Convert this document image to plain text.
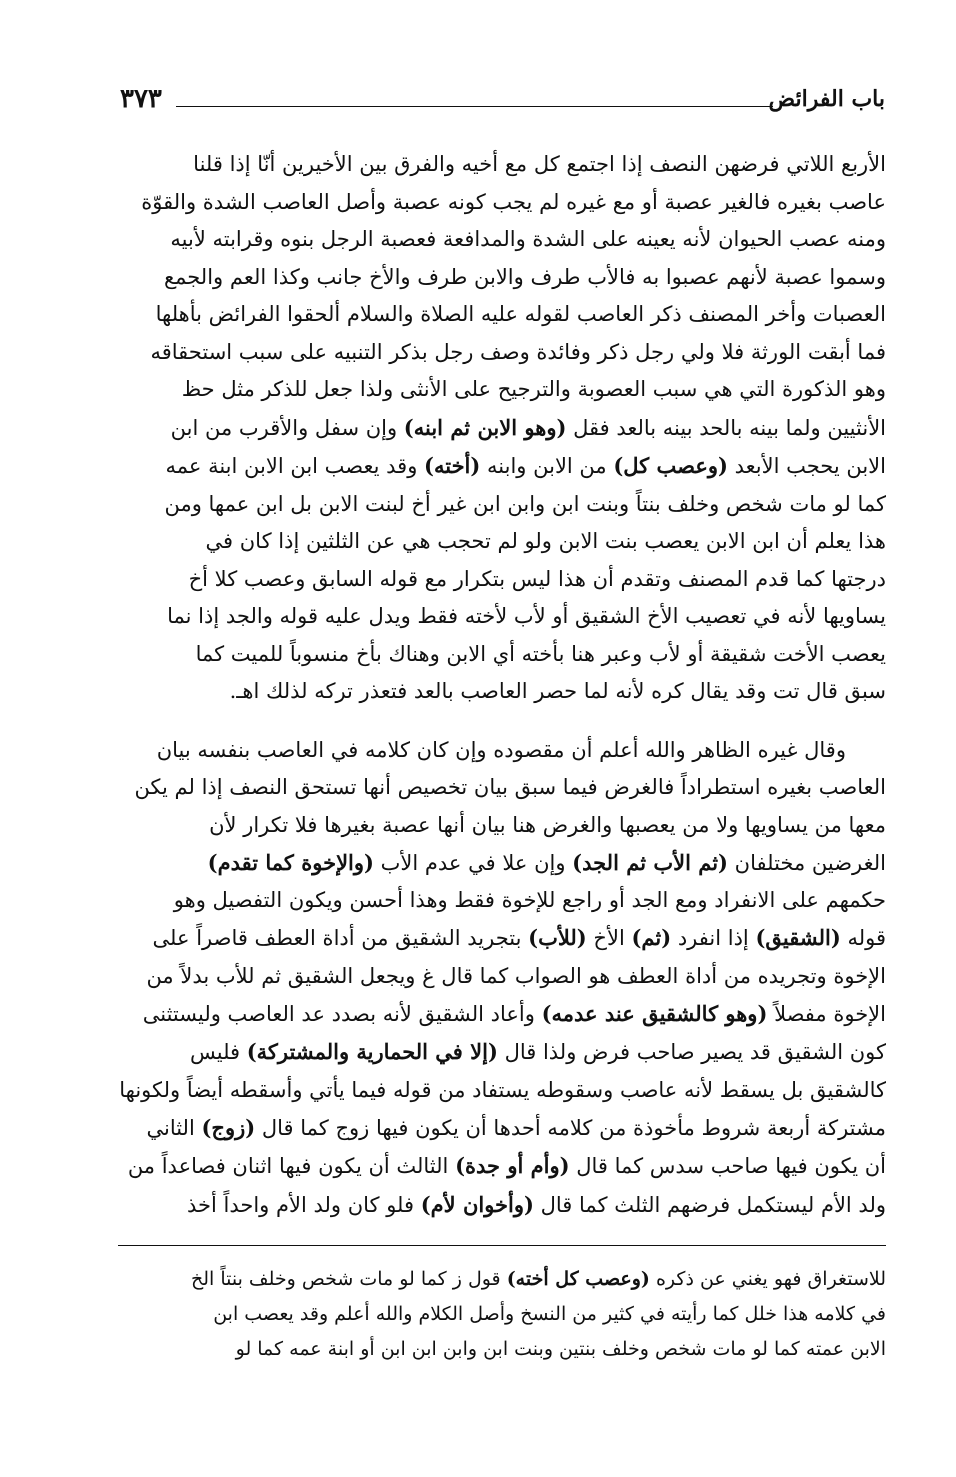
باب الفرائض
٣٧٣
الأربع اللاتي فرضهن النصف إذا اجتمع كل مع أخيه والفرق بين الأخيرين أنّا إذا قلنا
عاصب بغيره فالغير عصبة أو مع غيره لم يجب كونه عصبة وأصل العاصب الشدة والقوّة
ومنه عصب الحيوان لأنه يعينه على الشدة والمدافعة فعصبة الرجل بنوه وقرابته لأبيه
وسموا عصبة لأنهم عصبوا به فالأب طرف والابن طرف والأخ جانب وكذا العم والجمع
العصبات وأخر المصنف ذكر العاصب لقوله عليه الصلاة والسلام ألحقوا الفرائض بأهلها
فما أبقت الورثة فلا ولي رجل ذكر وفائدة وصف رجل بذكر التنبيه على سبب استحقاقه
وهو الذكورة التي هي سبب العصوبة والترجيح على الأنثى ولذا جعل للذكر مثل حظ
الأنثيين ولما بينه بالحد بينه بالعد فقل (وهو الابن ثم ابنه) وإن سفل والأقرب من ابن
الابن يحجب الأبعد (وعصب كل) من الابن وابنه (أخته) وقد يعصب ابن الابن ابنة عمه
كما لو مات شخص وخلف بنتاً وبنت ابن وابن ابن غير أخ لبنت الابن بل ابن عمها ومن
هذا يعلم أن ابن الابن يعصب بنت الابن ولو لم تحجب هي عن الثلثين إذا كان في
درجتها كما قدم المصنف وتقدم أن هذا ليس بتكرار مع قوله السابق وعصب كلا أخ
يساويها لأنه في تعصيب الأخ الشقيق أو لأب لأخته فقط ويدل عليه قوله والجد إذا نما
يعصب الأخت شقيقة أو لأب وعبر هنا بأخته أي الابن وهناك بأخ منسوباً للميت كما
سبق قال تت وقد يقال كره لأنه لما حصر العاصب بالعد فتعذر تركه لذلك اهـ.
وقال غيره الظاهر والله أعلم أن مقصوده وإن كان كلامه في العاصب بنفسه بيان
العاصب بغيره استطراداً فالغرض فيما سبق بيان تخصيص أنها تستحق النصف إذا لم يكن
معها من يساويها ولا من يعصبها والغرض هنا بيان أنها عصبة بغيرها فلا تكرار لأن
الغرضين مختلفان (ثم الأب ثم الجد) وإن علا في عدم الأب (والإخوة كما تقدم)
حكمهم على الانفراد ومع الجد أو راجع للإخوة فقط وهذا أحسن ويكون التفصيل وهو
قوله (الشقيق) إذا انفرد (ثم) الأخ (للأب) بتجريد الشقيق من أداة العطف قاصراً على
الإخوة وتجريده من أداة العطف هو الصواب كما قال غ ويجعل الشقيق ثم للأب بدلاً من
الإخوة مفصلاً (وهو كالشقيق عند عدمه) وأعاد الشقيق لأنه بصدد عد العاصب وليستثنى
كون الشقيق قد يصير صاحب فرض ولذا قال (إلا في الحمارية والمشتركة) فليس
كالشقيق بل يسقط لأنه عاصب وسقوطه يستفاد من قوله فيما يأتي وأسقطه أيضاً ولكونها
مشتركة أربعة شروط مأخوذة من كلامه أحدها أن يكون فيها زوج كما قال (زوج) الثاني
أن يكون فيها صاحب سدس كما قال (وأم أو جدة) الثالث أن يكون فيها اثنان فصاعداً من
ولد الأم ليستكمل فرضهم الثلث كما قال (وأخوان لأم) فلو كان ولد الأم واحداً أخذ
للاستغراق فهو يغني عن ذكره (وعصب كل أخته) قول ز كما لو مات شخص وخلف بنتاً الخ
في كلامه هذا خلل كما رأيته في كثير من النسخ وأصل الكلام والله أعلم وقد يعصب ابن
الابن عمته كما لو مات شخص وخلف بنتين وبنت ابن وابن ابن ابن أو ابنة عمه كما لو
